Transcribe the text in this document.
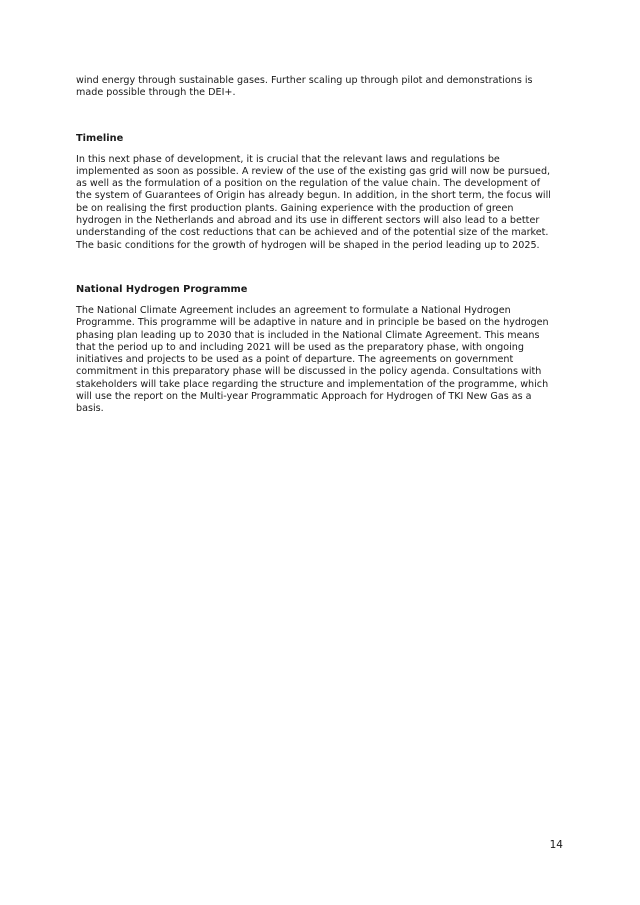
wind energy through sustainable gases. Further scaling up through pilot and demonstrations is
made possible through the DEI+.

Timeline

In this next phase of development, it is crucial that the relevant laws and regulations be
implemented as soon as possible. A review of the use of the existing gas grid will now be pursued,
as well as the formulation of a position on the regulation of the value chain. The development of
the system of Guarantees of Origin has already begun. In addition, in the short term, the focus will
be on realising the first production plants. Gaining experience with the production of green
hydrogen in the Netherlands and abroad and its use in different sectors will also lead to a better
understanding of the cost reductions that can be achieved and of the potential size of the market.
The basic conditions for the growth of hydrogen will be shaped in the period leading up to 2025.

National Hydrogen Programme

The National Climate Agreement includes an agreement to formulate a National Hydrogen
Programme. This programme will be adaptive in nature and in principle be based on the hydrogen
phasing plan leading up to 2030 that is included in the National Climate Agreement. This means
that the period up to and including 2021 will be used as the preparatory phase, with ongoing
initiatives and projects to be used as a point of departure. The agreements on government
commitment in this preparatory phase will be discussed in the policy agenda. Consultations with
stakeholders will take place regarding the structure and implementation of the programme, which
will use the report on the Multi-year Programmatic Approach for Hydrogen of TKI New Gas as a
basis.

14
